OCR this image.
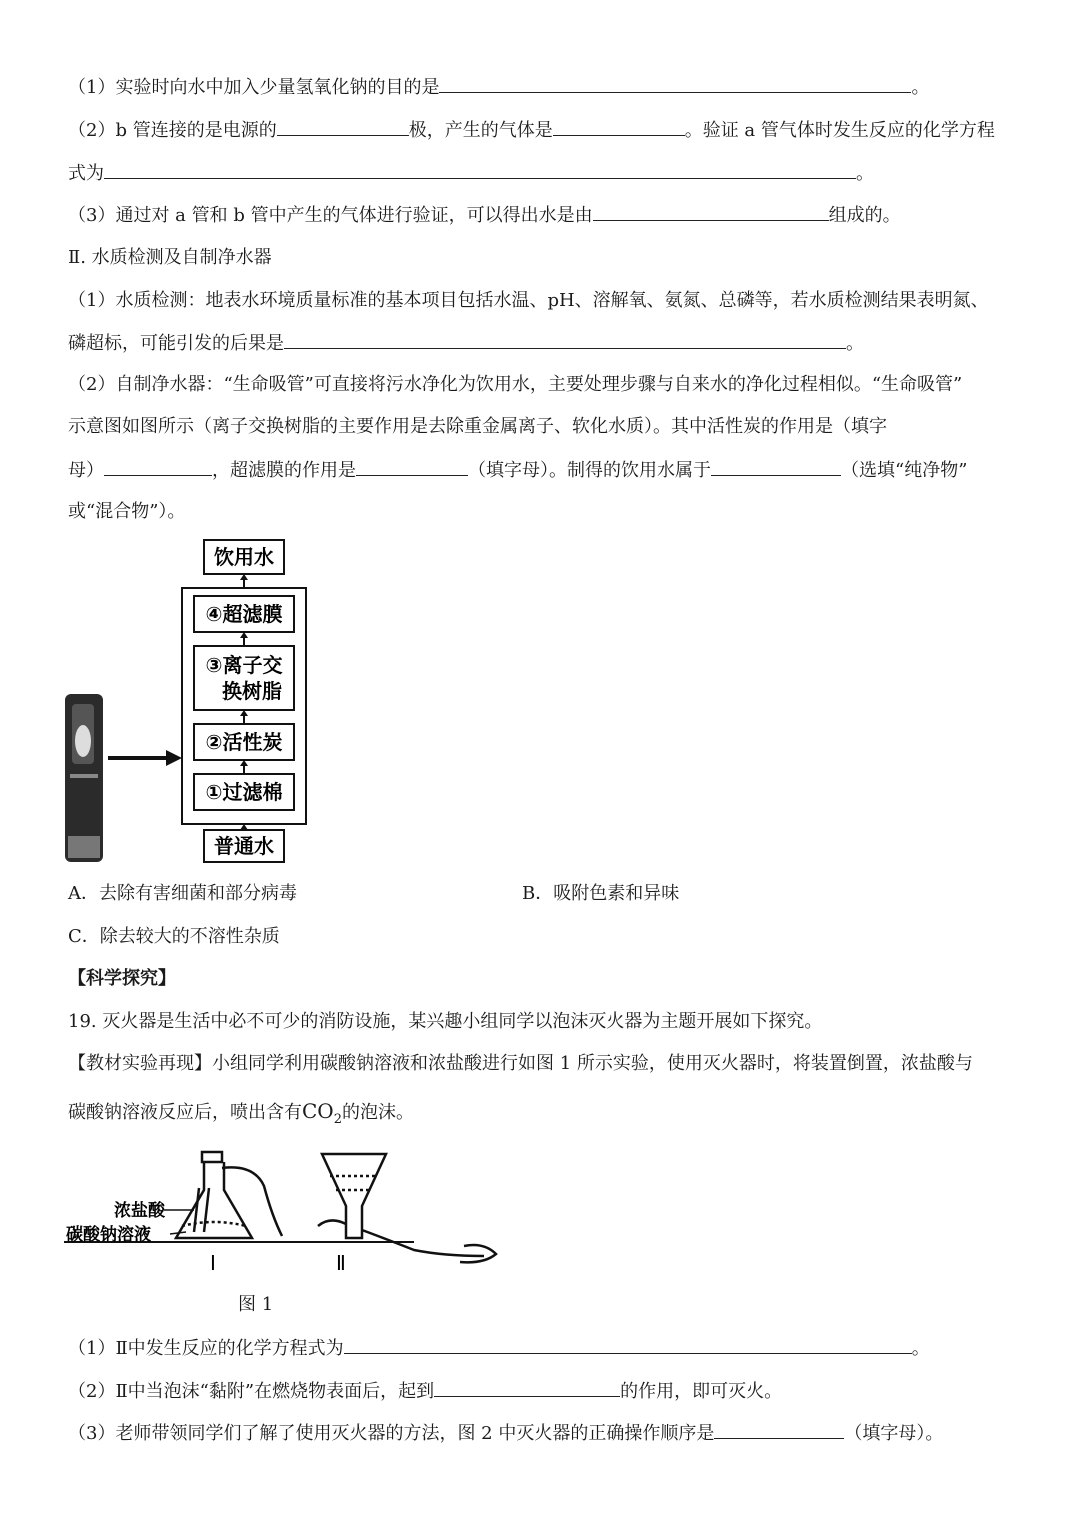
（1）实验时向水中加入少量氢氧化钠的目的是	。
（2）b 管连接的是电源的	极，产生的气体是	。验证 a 管气体时发生反应的化学方程
式为	。
（3）通过对 a 管和 b 管中产生的气体进行验证，可以得出水是由	组成的。
Ⅱ. 水质检测及自制净水器
（1）水质检测：地表水环境质量标准的基本项目包括水温、pH、溶解氧、氨氮、总磷等，若水质检测结果表明氮、
磷超标，可能引发的后果是	。
（2）自制净水器：“生命吸管”可直接将污水净化为饮用水，主要处理步骤与自来水的净化过程相似。“生命吸管”
示意图如图所示（离子交换树脂的主要作用是去除重金属离子、软化水质）。其中活性炭的作用是（填字
母）	，超滤膜的作用是	（填字母）。制得的饮用水属于	（选填“纯净物”
或“混合物”）。
饮用水
④超滤膜
③离子交
换树脂
②活性炭
①过滤棉
普通水
A．去除有害细菌和部分病毒	B．吸附色素和异味
C．除去较大的不溶性杂质
【科学探究】
19. 灭火器是生活中必不可少的消防设施，某兴趣小组同学以泡沫灭火器为主题开展如下探究。
【教材实验再现】小组同学利用碳酸钠溶液和浓盐酸进行如图 1 所示实验，使用灭火器时，将装置倒置，浓盐酸与
碳酸钠溶液反应后，喷出含有$CO_2$的泡沫。
浓盐酸
碳酸钠溶液
Ⅰ	Ⅱ
图 1
（1）Ⅱ中发生反应的化学方程式为	。
（2）Ⅱ中当泡沫“黏附”在燃烧物表面后，起到	的作用，即可灭火。
（3）老师带领同学们了解了使用灭火器的方法，图 2 中灭火器的正确操作顺序是	（填字母）。
